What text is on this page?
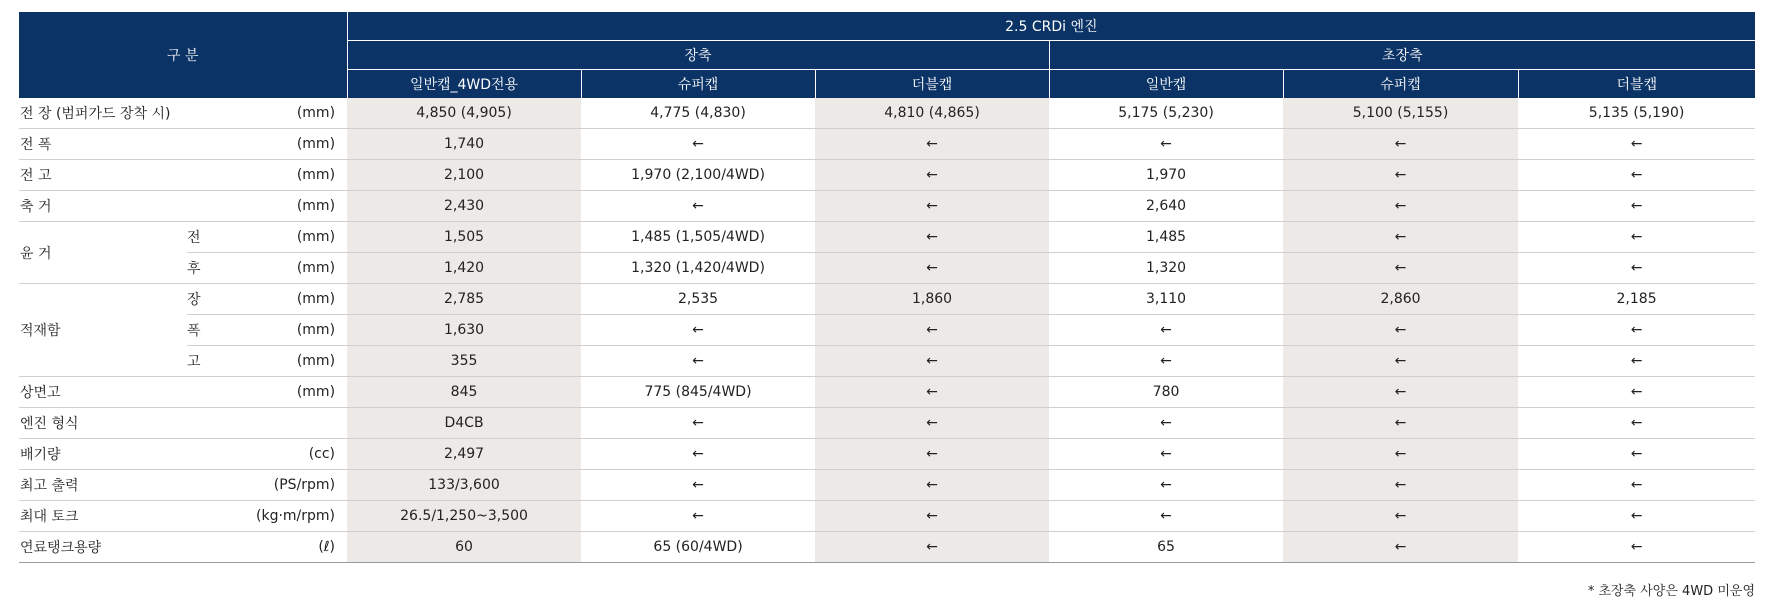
구 분			2.5 CRDi 엔진					
			장축			초장축		
			일반캡_4WD전용	슈퍼캡	더블캡	일반캡	슈퍼캡	더블캡
전 장 (범퍼가드 장착 시)		(mm)	4,850 (4,905)	4,775 (4,830)	4,810 (4,865)	5,175 (5,230)	5,100 (5,155)	5,135 (5,190)
전 폭		(mm)	1,740	←	←	←	←	←
전 고		(mm)	2,100	1,970 (2,100/4WD)	←	1,970	←	←
축 거		(mm)	2,430	←	←	2,640	←	←
윤 거	전	(mm)	1,505	1,485 (1,505/4WD)	←	1,485	←	←
	후	(mm)	1,420	1,320 (1,420/4WD)	←	1,320	←	←
적재함	장	(mm)	2,785	2,535	1,860	3,110	2,860	2,185
	폭	(mm)	1,630	←	←	←	←	←
	고	(mm)	355	←	←	←	←	←
상면고		(mm)	845	775 (845/4WD)	←	780	←	←
엔진 형식			D4CB	←	←	←	←	←
배기량		(cc)	2,497	←	←	←	←	←
최고 출력		(PS/rpm)	133/3,600	←	←	←	←	←
최대 토크		(kg·m/rpm)	26.5/1,250~3,500	←	←	←	←	←
연료탱크용량		(ℓ)	60	65 (60/4WD)	←	65	←	←
* 초장축 사양은 4WD 미운영
